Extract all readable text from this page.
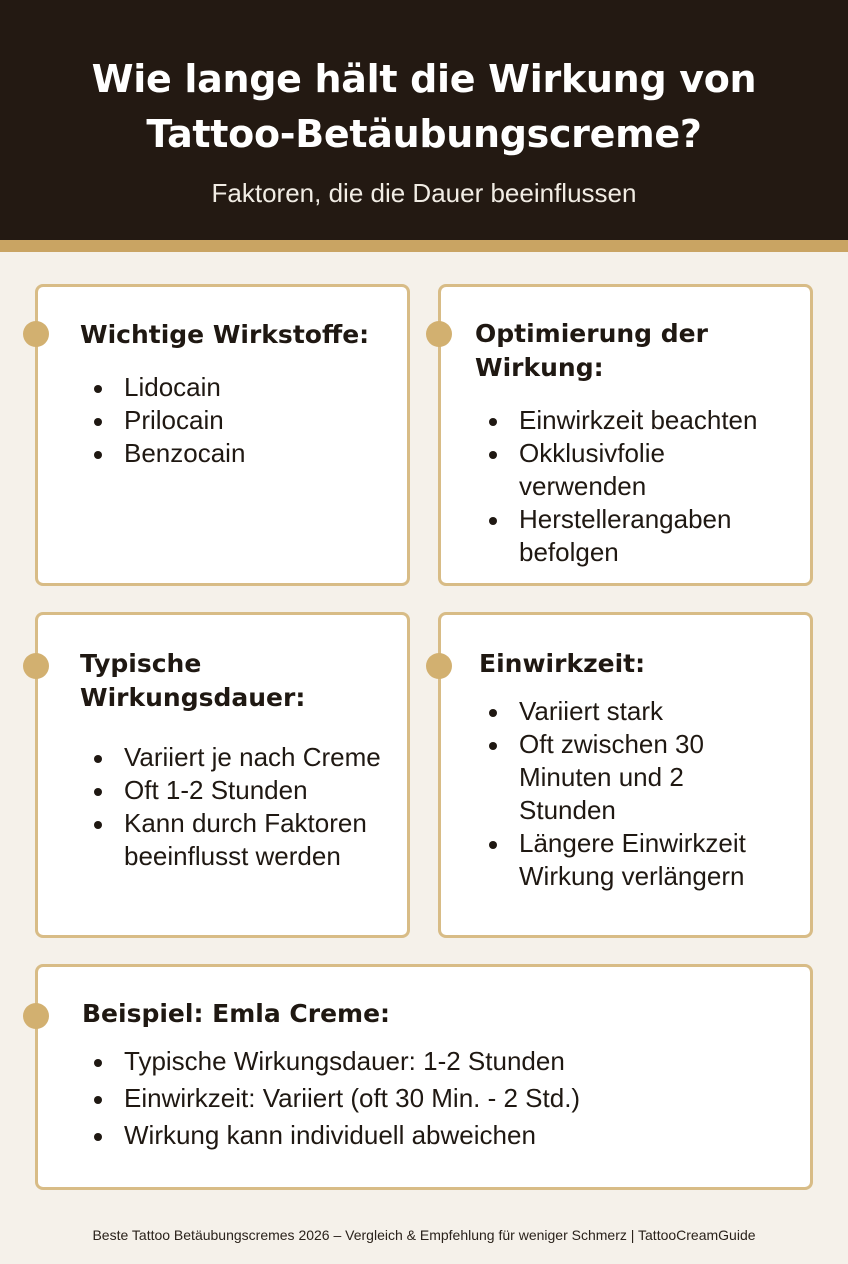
Wie lange hält die Wirkung von
Tattoo-Betäubungscreme?

Faktoren, die die Dauer beeinflussen

Wichtige Wirkstoffe:
Lidocain
Prilocain
Benzocain
Optimierung der
Wirkung:
Einwirkzeit beachten
Okklusivfolie
verwenden
Herstellerangaben
befolgen
Typische
Wirkungsdauer:
Variiert je nach Creme
Oft 1-2 Stunden
Kann durch Faktoren
beeinflusst werden
Einwirkzeit:
Variiert stark
Oft zwischen 30
Minuten und 2
Stunden
Längere Einwirkzeit
Wirkung verlängern
Beispiel: Emla Creme:
Typische Wirkungsdauer: 1-2 Stunden
Einwirkzeit: Variiert (oft 30 Min. - 2 Std.)
Wirkung kann individuell abweichen

Beste Tattoo Betäubungscremes 2026 – Vergleich & Empfehlung für weniger Schmerz | TattooCreamGuide
